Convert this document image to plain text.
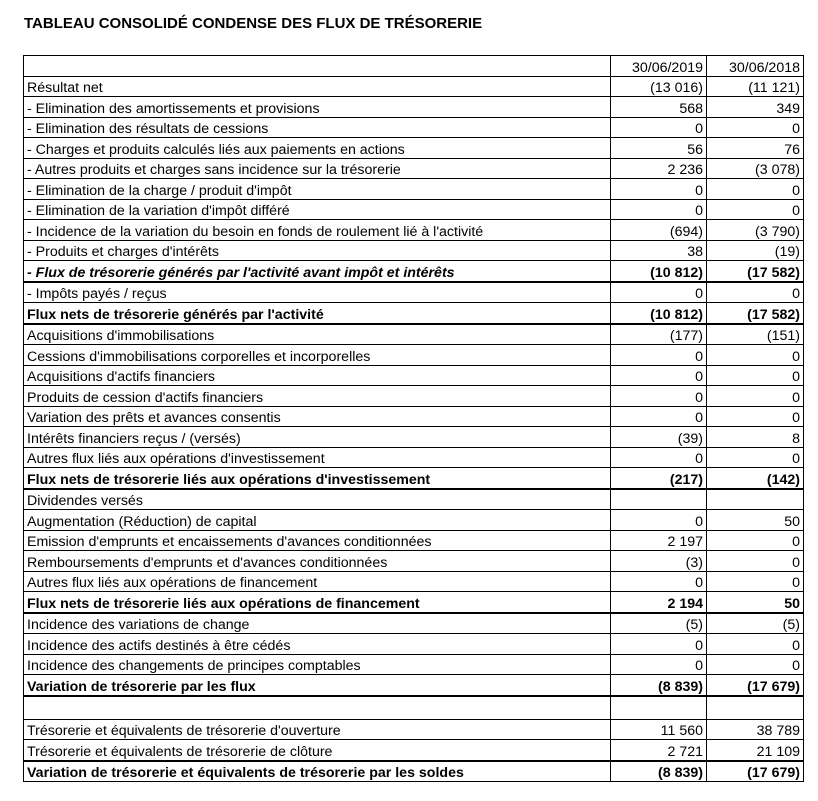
TABLEAU CONSOLIDÉ CONDENSE DES FLUX DE TRÉSORERIE
	30/06/2019	30/06/2018
Résultat net	(13 016)	(11 121)
- Elimination des amortissements et provisions	568	349
- Elimination des résultats de cessions	0	0
- Charges et produits calculés liés aux paiements en actions	56	76
- Autres produits et charges sans incidence sur la trésorerie	2 236	(3 078)
- Elimination de la charge / produit d'impôt	0	0
- Elimination de la variation d'impôt différé	0	0
- Incidence de la variation du besoin en fonds de roulement lié à l'activité	(694)	(3 790)
- Produits et charges d'intérêts	38	(19)
- Flux de trésorerie générés par l'activité avant impôt et intérêts	(10 812)	(17 582)
- Impôts payés / reçus	0	0
Flux nets de trésorerie générés par l'activité	(10 812)	(17 582)
Acquisitions d'immobilisations	(177)	(151)
Cessions d'immobilisations corporelles et incorporelles	0	0
Acquisitions d'actifs financiers	0	0
Produits de cession d'actifs financiers	0	0
Variation des prêts et avances consentis	0	0
Intérêts financiers reçus / (versés)	(39)	8
Autres flux liés aux opérations d'investissement	0	0
Flux nets de trésorerie liés aux opérations d'investissement	(217)	(142)
Dividendes versés		
Augmentation (Réduction) de capital	0	50
Emission d'emprunts et encaissements d'avances conditionnées	2 197	0
Remboursements d'emprunts et d'avances conditionnées	(3)	0
Autres flux liés aux opérations de financement	0	0
Flux nets de trésorerie liés aux opérations de financement	2 194	50
Incidence des variations de change	(5)	(5)
Incidence des actifs destinés à être cédés	0	0
Incidence des changements de principes comptables	0	0
Variation de trésorerie par les flux	(8 839)	(17 679)

Trésorerie et équivalents de trésorerie d'ouverture	11 560	38 789
Trésorerie et équivalents de trésorerie de clôture	2 721	21 109
Variation de trésorerie et équivalents de trésorerie par les soldes	(8 839)	(17 679)
